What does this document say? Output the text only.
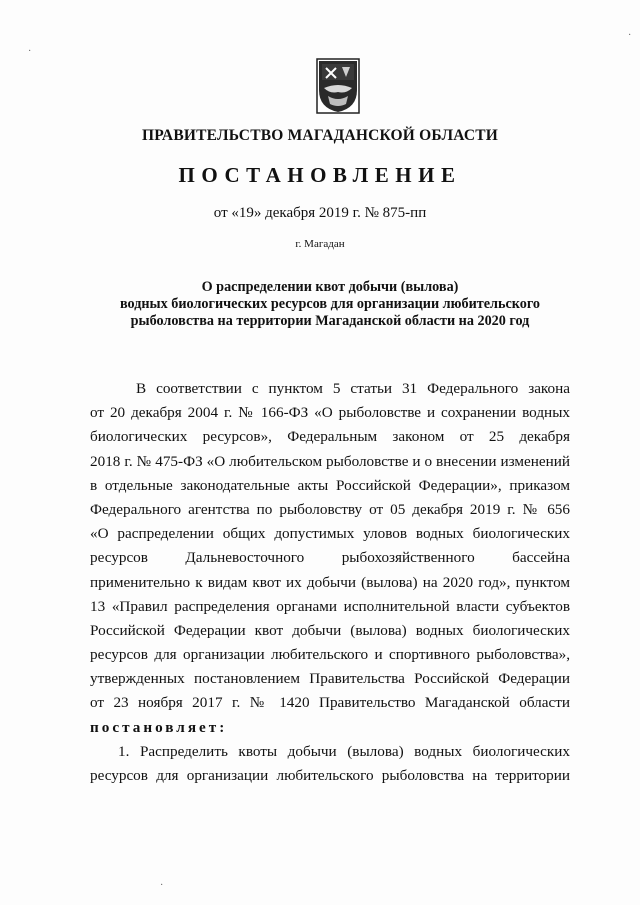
ПРАВИТЕЛЬСТВО МАГАДАНСКОЙ ОБЛАСТИ
ПОСТАНОВЛЕНИЕ
от «19» декабря 2019 г. № 875-пп
г. Магадан
О распределении квот добычи (вылова)
водных биологических ресурсов для организации любительского
рыболовства на территории Магаданской области на 2020 год
В соответствии с пунктом 5 статьи 31 Федерального закона
от 20 декабря 2004 г. № 166-ФЗ «О рыболовстве и сохранении водных
биологических ресурсов», Федеральным законом от 25 декабря
2018 г. № 475-ФЗ «О любительском рыболовстве и о внесении изменений
в отдельные законодательные акты Российской Федерации», приказом
Федерального агентства по рыболовству от 05 декабря 2019 г. № 656
«О распределении общих допустимых уловов водных биологических
ресурсов Дальневосточного рыбохозяйственного бассейна
применительно к видам квот их добычи (вылова) на 2020 год», пунктом
13 «Правил распределения органами исполнительной власти субъектов
Российской Федерации квот добычи (вылова) водных биологических
ресурсов для организации любительского и спортивного рыболовства»,
утвержденных постановлением Правительства Российской Федерации
от 23 ноября 2017 г. № 1420 Правительство Магаданской области
постановляет:
1. Распределить квоты добычи (вылова) водных биологических
ресурсов для организации любительского рыболовства на территории
·
·
·
